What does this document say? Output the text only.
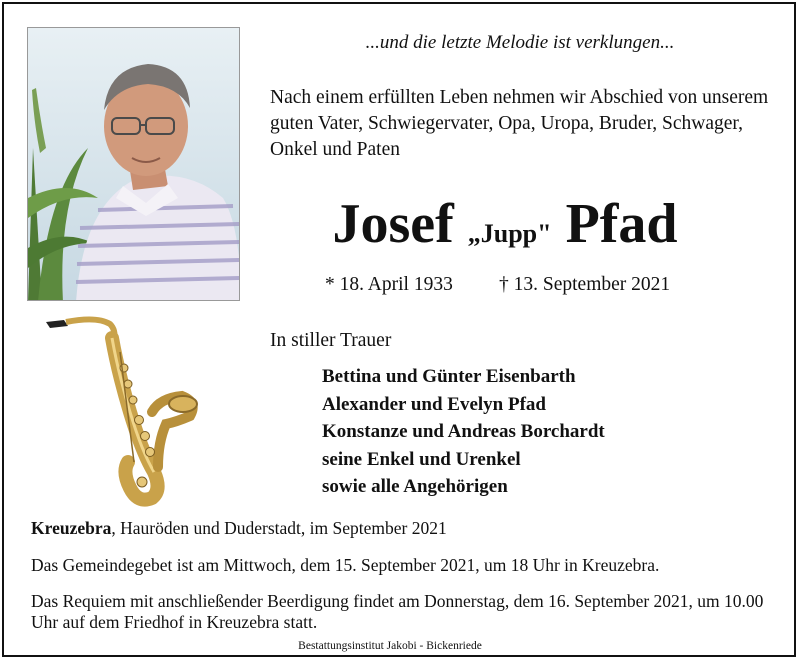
...und die letzte Melodie ist verklungen...
Nach einem erfüllten Leben nehmen wir Abschied von unserem guten Vater, Schwiegervater, Opa, Uropa, Bruder, Schwager, Onkel und Paten
Josef „Jupp" Pfad
* 18. April 1933 † 13. September 2021
In stiller Trauer
Bettina und Günter Eisenbarth
Alexander und Evelyn Pfad
Konstanze und Andreas Borchardt
seine Enkel und Urenkel
sowie alle Angehörigen
Kreuzebra, Hauröden und Duderstadt, im September 2021
Das Gemeindegebet ist am Mittwoch, dem 15. September 2021, um 18 Uhr in Kreuzebra.
Das Requiem mit anschließender Beerdigung findet am Donnerstag, dem 16. September 2021, um 10.00 Uhr auf dem Friedhof in Kreuzebra statt.
Bestattungsinstitut Jakobi - Bickenriede
